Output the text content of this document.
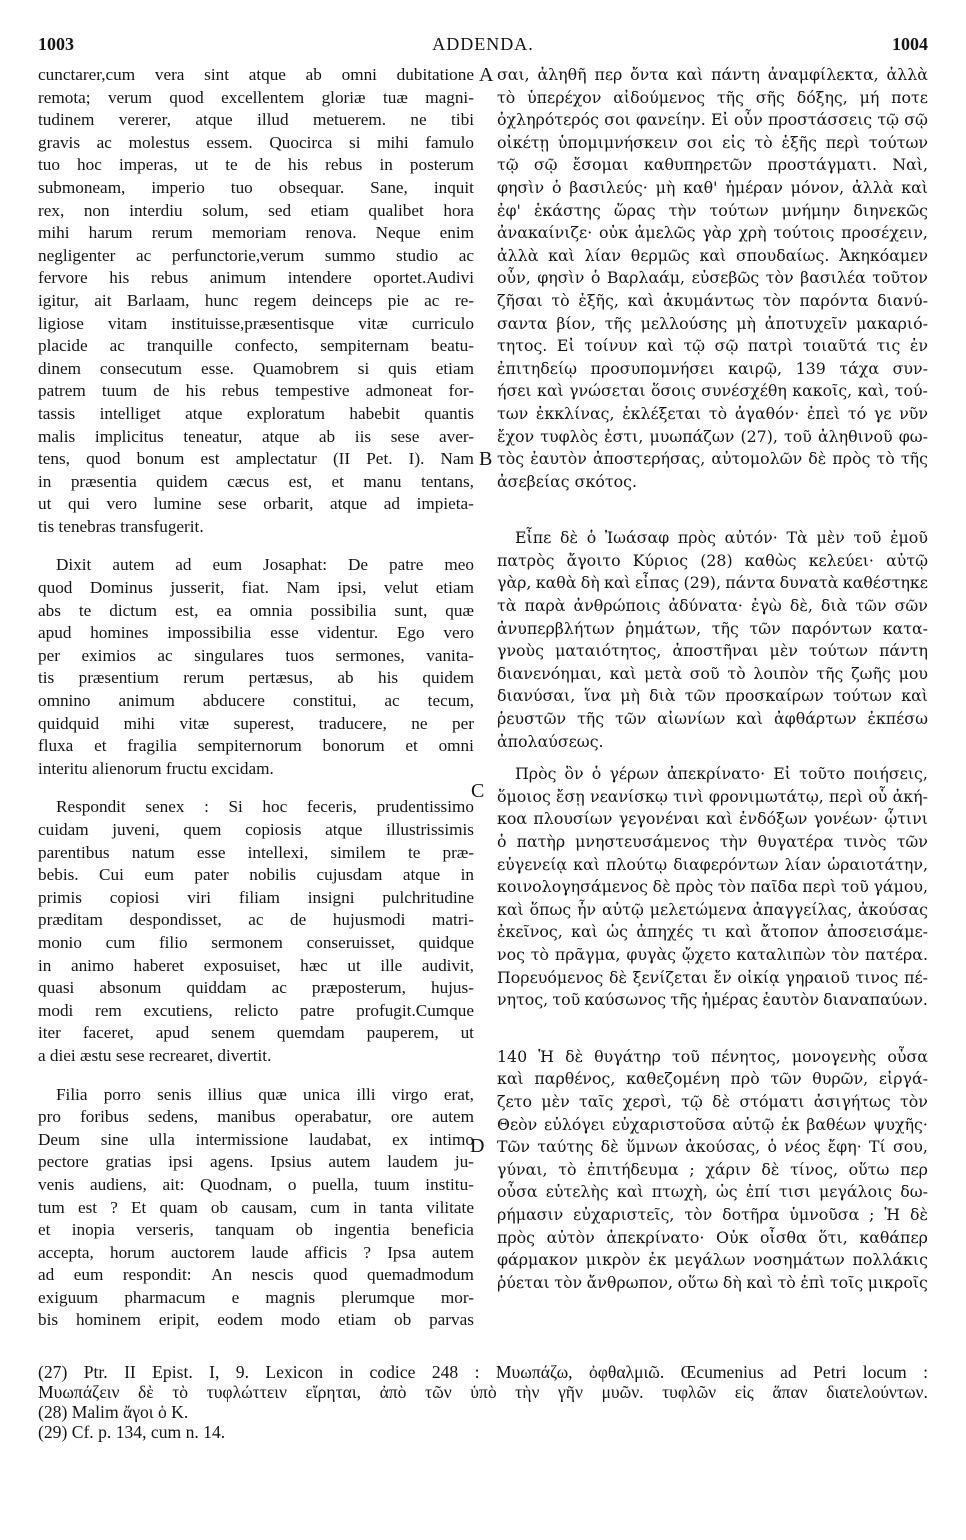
1003	ADDENDA.	1004
A
B
C
D
cunctarer,cum vera sint atque ab omni dubitatione
remota; verum quod excellentem gloriæ tuæ magni-
tudinem vererer, atque illud metuerem. ne tibi
gravis ac molestus essem. Quocirca si mihi famulo
tuo hoc imperas, ut te de his rebus in posterum
submoneam, imperio tuo obsequar. Sane, inquit
rex, non interdiu solum, sed etiam qualibet hora
mihi harum rerum memoriam renova. Neque enim
negligenter ac perfunctorie,verum summo studio ac
fervore his rebus animum intendere oportet.Audivi
igitur, ait Barlaam, hunc regem deinceps pie ac re-
ligiose vitam instituisse,præsentisque vitæ curriculo
placide ac tranquille confecto, sempiternam beatu-
dinem consecutum esse. Quamobrem si quis etiam
patrem tuum de his rebus tempestive admoneat for-
tassis intelliget atque exploratum habebit quantis
malis implicitus teneatur, atque ab iis sese aver-
tens, quod bonum est amplectatur (II Pet. I). Nam
in præsentia quidem cæcus est, et manu tentans,
ut qui vero lumine sese orbarit, atque ad impieta-
tis tenebras transfugerit.
Dixit autem ad eum Josaphat: De patre meo
quod Dominus jusserit, fiat. Nam ipsi, velut etiam
abs te dictum est, ea omnia possibilia sunt, quæ
apud homines impossibilia esse videntur. Ego vero
per eximios ac singulares tuos sermones, vanita-
tis præsentium rerum pertæsus, ab his quidem
omnino animum abducere constitui, ac tecum,
quidquid mihi vitæ superest, traducere, ne per
fluxa et fragilia sempiternorum bonorum et omni
interitu alienorum fructu excidam.
Respondit senex : Si hoc feceris, prudentissimo
cuidam juveni, quem copiosis atque illustrissimis
parentibus natum esse intellexi, similem te præ-
bebis. Cui eum pater nobilis cujusdam atque in
primis copiosi viri filiam insigni pulchritudine
præditam despondisset, ac de hujusmodi matri-
monio cum filio sermonem conseruisset, quidque
in animo haberet exposuiset, hæc ut ille audivit,
quasi absonum quiddam ac præposterum, hujus-
modi rem excutiens, relicto patre profugit.Cumque
iter faceret, apud senem quemdam pauperem, ut
a diei æstu sese recrearet, divertit.
Filia porro senis illius quæ unica illi virgo erat,
pro foribus sedens, manibus operabatur, ore autem
Deum sine ulla intermissione laudabat, ex intimo
pectore gratias ipsi agens. Ipsius autem laudem ju-
venis audiens, ait: Quodnam, o puella, tuum institu-
tum est ? Et quam ob causam, cum in tanta vilitate
et inopia verseris, tanquam ob ingentia beneficia
accepta, horum auctorem laude afficis ? Ipsa autem
ad eum respondit: An nescis quod quemadmodum
exiguum pharmacum e magnis plerumque mor-
bis hominem eripit, eodem modo etiam ob parvas
σαι, ἀληθῆ περ ὄντα καὶ πάντη ἀναμφίλεκτα, ἀλλὰ
τὸ ὑπερέχον αἰδούμενος τῆς σῆς δόξης, μή ποτε
ὀχληρότερός σοι φανείην. Εἰ οὖν προστάσσεις τῷ σῷ
οἰκέτῃ ὑπομιμνήσκειν σοι εἰς τὸ ἑξῆς περὶ τούτων
τῷ σῷ ἔσομαι καθυπηρετῶν προστάγματι. Ναὶ,
φησὶν ὁ βασιλεύς· μὴ καθ' ἡμέραν μόνον, ἀλλὰ καὶ
ἐφ' ἑκάστης ὥρας τὴν τούτων μνήμην διηνεκῶς
ἀνακαίνιζε· οὐκ ἀμελῶς γὰρ χρὴ τούτοις προσέχειν,
ἀλλὰ καὶ λίαν θερμῶς καὶ σπουδαίως. Ἀκηκόαμεν
οὖν, φησὶν ὁ Βαρλαάμ, εὐσεβῶς τὸν βασιλέα τοῦτον
ζῆσαι τὸ ἑξῆς, καὶ ἀκυμάντως τὸν παρόντα διανύ-
σαντα βίον, τῆς μελλούσης μὴ ἀποτυχεῖν μακαριό-
τητος. Εἰ τοίνυν καὶ τῷ σῷ πατρὶ τοιαῦτά τις ἐν
ἐπιτηδείῳ προσυπομνήσει καιρῷ, 139 τάχα συν-
ήσει καὶ γνώσεται ὅσοις συνέσχέθη κακοῖς, καὶ, τού-
των ἐκκλίνας, ἐκλέξεται τὸ ἀγαθόν· ἐπεὶ τό γε νῦν
ἔχον τυφλὸς ἐστι, μυωπάζων (27), τοῦ ἀληθινοῦ φω-
τὸς ἑαυτὸν ἀποστερήσας, αὐτομολῶν δὲ πρὸς τὸ τῆς
ἀσεβείας σκότος.
Εἶπε δὲ ὁ Ἰωάσαφ πρὸς αὐτόν· Τὰ μὲν τοῦ ἐμοῦ
πατρὸς ἄγοιτο Κύριος (28) καθὼς κελεύει· αὐτῷ
γὰρ, καθὰ δὴ καὶ εἶπας (29), πάντα δυνατὰ καθέστηκε
τὰ παρὰ ἀνθρώποις ἀδύνατα· ἐγὼ δὲ, διὰ τῶν σῶν
ἀνυπερβλήτων ῥημάτων, τῆς τῶν παρόντων κατα-
γνοὺς ματαιότητος, ἀποστῆναι μὲν τούτων πάντη
διανενόημαι, καὶ μετὰ σοῦ τὸ λοιπὸν τῆς ζωῆς μου
διανύσαι, ἵνα μὴ διὰ τῶν προσκαίρων τούτων καὶ
ῥευστῶν τῆς τῶν αἰωνίων καὶ ἀφθάρτων ἐκπέσω
ἀπολαύσεως.
Πρὸς ὃν ὁ γέρων ἀπεκρίνατο· Εἰ τοῦτο ποιήσεις,
ὅμοιος ἔσῃ νεανίσκῳ τινὶ φρονιμωτάτῳ, περὶ οὗ ἀκή-
κοα πλουσίων γεγονέναι καὶ ἐνδόξων γονέων· ᾧτινι
ὁ πατὴρ μνηστευσάμενος τὴν θυγατέρα τινὸς τῶν
εὐγενείᾳ καὶ πλούτῳ διαφερόντων λίαν ὡραιοτάτην,
κοινολογησάμενος δὲ πρὸς τὸν παῖδα περὶ τοῦ γάμου,
καὶ ὅπως ἦν αὐτῷ μελετώμενα ἀπαγγείλας, ἀκούσας
ἐκεῖνος, καὶ ὡς ἀπηχές τι καὶ ἄτοπον ἀποσεισάμε-
νος τὸ πρᾶγμα, φυγὰς ᾤχετο καταλιπὼν τὸν πατέρα.
Πορευόμενος δὲ ξενίζεται ἔν οἰκίᾳ γηραιοῦ τινος πέ-
νητος, τοῦ καύσωνος τῆς ἡμέρας ἑαυτὸν διαναπαύων.
140 Ἡ δὲ θυγάτηρ τοῦ πένητος, μονογενὴς οὖσα
καὶ παρθένος, καθεζομένη πρὸ τῶν θυρῶν, εἰργά-
ζετο μὲν ταῖς χερσὶ, τῷ δὲ στόματι ἀσιγήτως τὸν
Θεὸν εὐλόγει εὐχαριστοῦσα αὐτῷ ἐκ βαθέων ψυχῆς·
Τῶν ταύτης δὲ ὕμνων ἀκούσας, ὁ νέος ἔφη· Τί σου,
γύναι, τὸ ἐπιτήδευμα ; χάριν δὲ τίνος, οὕτω περ
οὖσα εὐτελὴς καὶ πτωχὴ, ὡς ἐπί τισι μεγάλοις δω-
ρήμασιν εὐχαριστεῖς, τὸν δοτῆρα ὑμνοῦσα ; Ἡ δὲ
πρὸς αὐτὸν ἀπεκρίνατο· Οὐκ οἶσθα ὅτι, καθάπερ
φάρμακον μικρὸν ἐκ μεγάλων νοσημάτων πολλάκις
ῥύεται τὸν ἄνθρωπον, οὕτω δὴ καὶ τὸ ἐπὶ τοῖς μικροῖς
(27) Ptr. II Epist. I, 9. Lexicon in codice 248 : Μυωπάζω, ὀφθαλμιῶ. Œcumenius ad Petri locum :
Μυωπάζειν δὲ τὸ τυφλώττειν εἴρηται, ἀπὸ τῶν ὑπὸ τὴν γῆν μυῶν. τυφλῶν εἰς ἅπαν διατελούντων.
(28) Malim ἄγοι ὁ K.
(29) Cf. p. 134, cum n. 14.
